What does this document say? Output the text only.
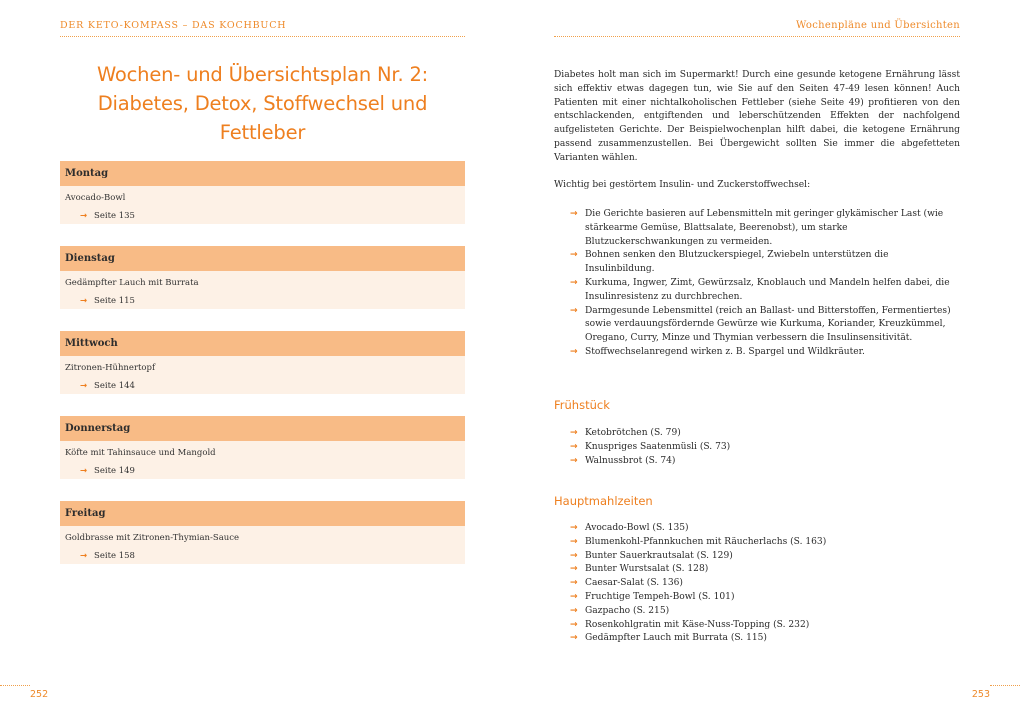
DER KETO-KOMPASS – DAS KOCHBUCH
Wochen- und Übersichtsplan Nr. 2:
Diabetes, Detox, Stoffwechsel und Fettleber
Montag
Avocado-Bowl
→ Seite 135
Dienstag
Gedämpfter Lauch mit Burrata
→ Seite 115
Mittwoch
Zitronen-Hühnertopf
→ Seite 144
Donnerstag
Köfte mit Tahinsauce und Mangold
→ Seite 149
Freitag
Goldbrasse mit Zitronen-Thymian-Sauce
→ Seite 158
252
Wochenpläne und Übersichten

Diabetes holt man sich im Supermarkt! Durch eine gesunde ketogene Ernährung lässt sich effektiv etwas dagegen tun, wie Sie auf den Seiten 47-49 lesen können! Auch Patienten mit einer nichtalkoholischen Fettleber (siehe Seite 49) profitieren von den entschlackenden, entgiftenden und leberschützenden Effekten der nachfolgend aufgelisteten Gerichte. Der Beispielwochenplan hilft dabei, die ketogene Ernährung passend zusammenzustellen. Bei Übergewicht sollten Sie immer die abgefetteten Varianten wählen.

Wichtig bei gestörtem Insulin- und Zuckerstoffwechsel:

→ Die Gerichte basieren auf Lebensmitteln mit geringer glykämischer Last (wie stärkearme Gemüse, Blattsalate, Beerenobst), um starke Blutzuckerschwankungen zu vermeiden.
→ Bohnen senken den Blutzuckerspiegel, Zwiebeln unterstützen die Insulinbildung.
→ Kurkuma, Ingwer, Zimt, Gewürzsalz, Knoblauch und Mandeln helfen dabei, die Insulinresistenz zu durchbrechen.
→ Darmgesunde Lebensmittel (reich an Ballast- und Bitterstoffen, Fermentiertes) sowie verdauungsfördernde Gewürze wie Kurkuma, Koriander, Kreuzkümmel, Oregano, Curry, Minze und Thymian verbessern die Insulinsensitivität.
→ Stoffwechselanregend wirken z. B. Spargel und Wildkräuter.
Frühstück
→ Ketobrötchen (S. 79)
→ Knuspriges Saatenmüsli (S. 73)
→ Walnussbrot (S. 74)
Hauptmahlzeiten
→ Avocado-Bowl (S. 135)
→ Blumenkohl-Pfannkuchen mit Räucherlachs (S. 163)
→ Bunter Sauerkrautsalat (S. 129)
→ Bunter Wurstsalat (S. 128)
→ Caesar-Salat (S. 136)
→ Fruchtige Tempeh-Bowl (S. 101)
→ Gazpacho (S. 215)
→ Rosenkohlgratin mit Käse-Nuss-Topping (S. 232)
→ Gedämpfter Lauch mit Burrata (S. 115)
253
